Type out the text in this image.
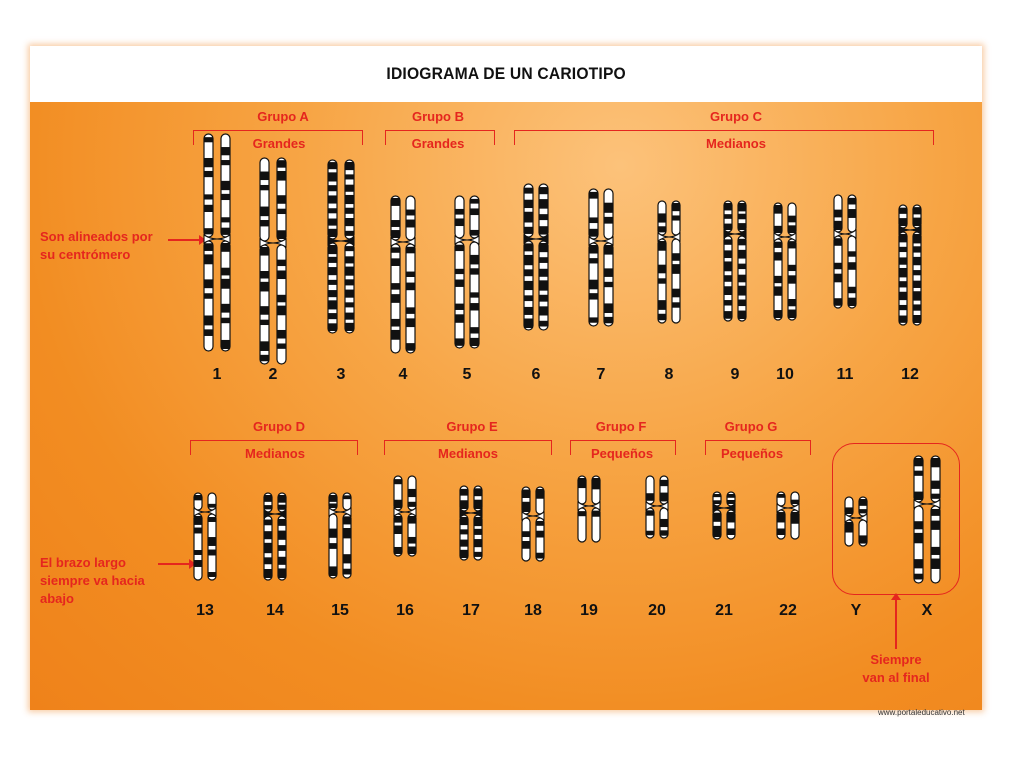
IDIOGRAMA DE UN CARIOTIPO
Grupo A
Grandes
Grupo B
Grandes
Grupo C
Medianos
Grupo D
Medianos
Grupo E
Medianos
Grupo F
Pequeños
Grupo G
Pequeños
Son alineados por
su centrómero
El brazo largo
siempre va hacia
abajo
Siempre
van al final
1	2	3	4	5	6	7	8	9 10	11	12
13	14	15	16	17	18 19	20	21	22	Y	X
www.portaleducativo.net
